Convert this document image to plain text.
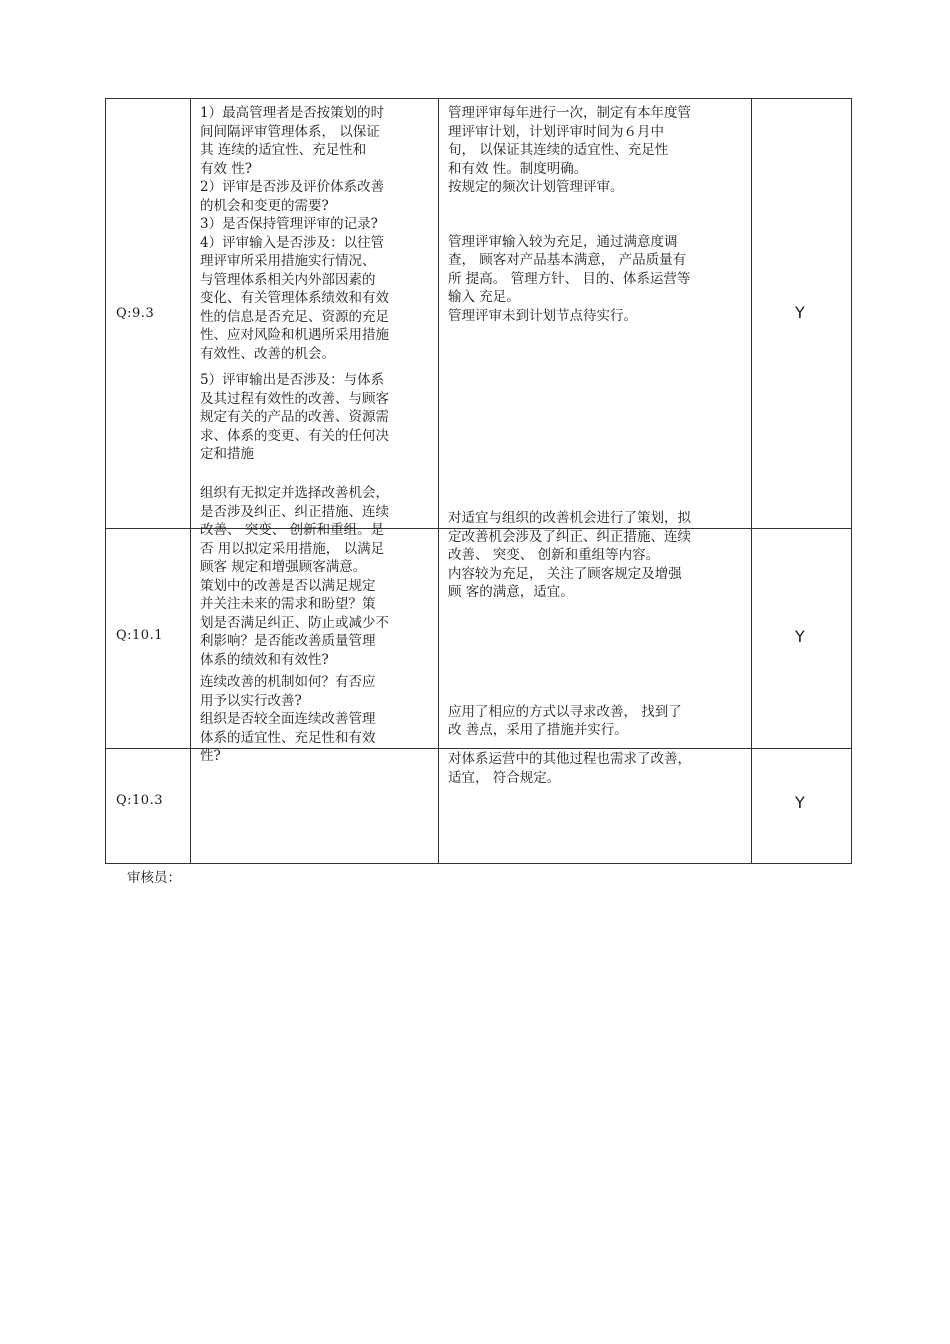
Q:9.3

1）最高管理者是否按策划的时
间间隔评审管理体系， 以保证
其 连续的适宜性、充足性和
有效 性?

2）评审是否涉及评价体系改善
的机会和变更的需要?

3）是否保持管理评审的记录?

4）评审输入是否涉及：以往管
理评审所采用措施实行情况、
与管理体系相关内外部因素的
变化、有关管理体系绩效和有效
性的信息是否充足、资源的充足
性、应对风险和机遇所采用措施
有效性、改善的机会。

5）评审输出是否涉及：与体系
及其过程有效性的改善、与顾客
规定有关的产品的改善、资源需
求、体系的变更、有关的任何决
定和措施

管理评审每年进行一次，制定有本年度管
理评审计划，计划评审时间为６月中
旬， 以保证其连续的适宜性、充足性
和有效 性。制度明确。

按规定的频次计划管理评审。

管理评审输入较为充足，通过满意度调
查， 顾客对产品基本满意， 产品质量有
所 提高。 管理方针、 目的、体系运营等
输入 充足。

管理评审未到计划节点待实行。	Y
Q:10.1

组织有无拟定并选择改善机会，
是否涉及纠正、纠正措施、连续
改善、 突变、 创新和重组。是
否 用以拟定采用措施， 以满足
顾客 规定和增强顾客满意。

策划中的改善是否以满足规定
并关注未来的需求和盼望？策
划是否满足纠正、防止或减少不
利影响？是否能改善质量管理
体系的绩效和有效性?

连续改善的机制如何？有否应
用予以实行改善?

组织是否较全面连续改善管理
体系的适宜性、充足性和有效
性?

对适宜与组织的改善机会进行了策划，拟
定改善机会涉及了纠正、纠正措施、连续
改善、 突变、 创新和重组等内容。
内容较为充足， 关注了顾客规定及增强
顾 客的满意，适宜。

应用了相应的方式以寻求改善， 找到了
改 善点，采用了措施并实行。

Y
Q:10.3

对体系运营中的其他过程也需求了改善，
适宜， 符合规定。

Y
审核员：
